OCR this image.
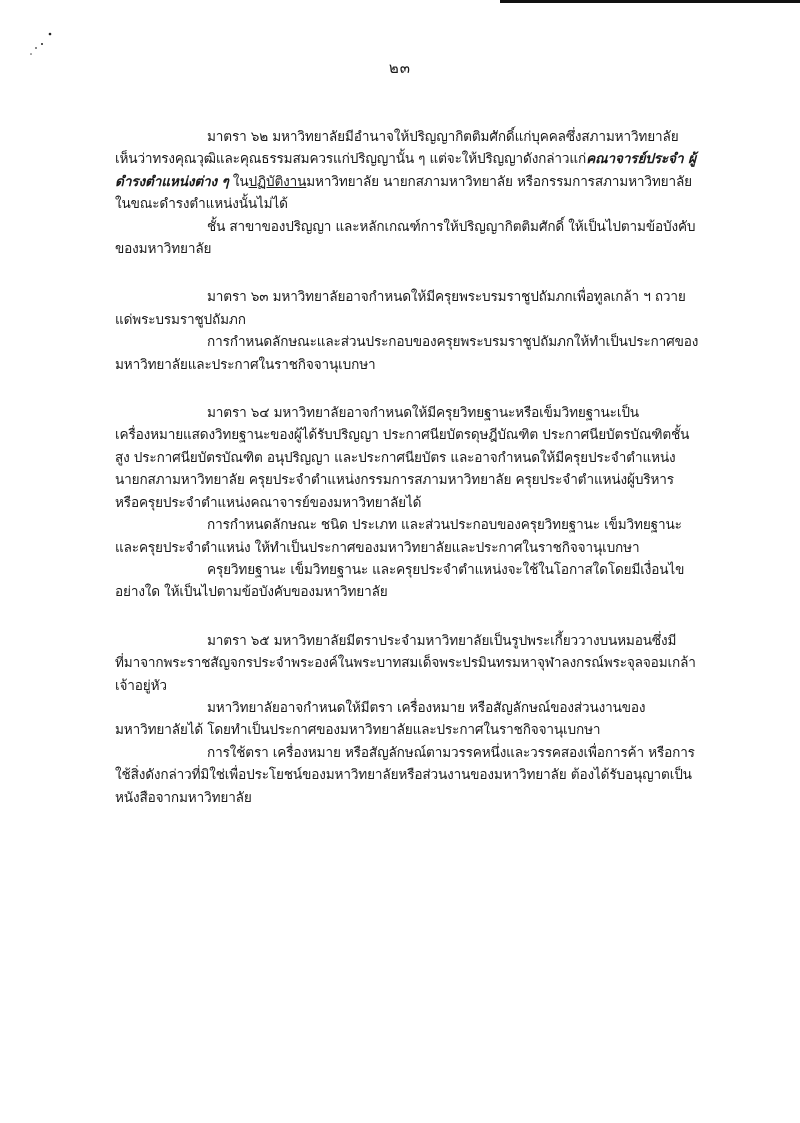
๒๓

มาตรา ๖๒ มหาวิทยาลัยมีอำนาจให้ปริญญากิตติมศักดิ์แก่บุคคลซึ่งสภามหาวิทยาลัยเห็นว่าทรงคุณวุฒิและคุณธรรมสมควรแก่ปริญญานั้น ๆ แต่จะให้ปริญญาดังกล่าวแก่คณาจารย์ประจำ ผู้ดำรงตำแหน่งต่าง ๆ ในปฏิบัติงานมหาวิทยาลัย นายกสภามหาวิทยาลัย หรือกรรมการสภามหาวิทยาลัย ในขณะดำรงตำแหน่งนั้นไม่ได้

ชั้น สาขาของปริญญา และหลักเกณฑ์การให้ปริญญากิตติมศักดิ์ ให้เป็นไปตามข้อบังคับของมหาวิทยาลัย

มาตรา ๖๓ มหาวิทยาลัยอาจกำหนดให้มีครุยพระบรมราชูปถัมภกเพื่อทูลเกล้า ฯ ถวายแด่พระบรมราชูปถัมภก

การกำหนดลักษณะและส่วนประกอบของครุยพระบรมราชูปถัมภกให้ทำเป็นประกาศของมหาวิทยาลัยและประกาศในราชกิจจานุเบกษา

มาตรา ๖๔ มหาวิทยาลัยอาจกำหนดให้มีครุยวิทยฐานะหรือเข็มวิทยฐานะเป็นเครื่องหมายแสดงวิทยฐานะของผู้ได้รับปริญญา ประกาศนียบัตรดุษฎีบัณฑิต ประกาศนียบัตรบัณฑิตชั้นสูง ประกาศนียบัตรบัณฑิต อนุปริญญา และประกาศนียบัตร และอาจกำหนดให้มีครุยประจำตำแหน่งนายกสภามหาวิทยาลัย ครุยประจำตำแหน่งกรรมการสภามหาวิทยาลัย ครุยประจำตำแหน่งผู้บริหาร หรือครุยประจำตำแหน่งคณาจารย์ของมหาวิทยาลัยได้

การกำหนดลักษณะ ชนิด ประเภท และส่วนประกอบของครุยวิทยฐานะ เข็มวิทยฐานะ และครุยประจำตำแหน่ง ให้ทำเป็นประกาศของมหาวิทยาลัยและประกาศในราชกิจจานุเบกษา

ครุยวิทยฐานะ เข็มวิทยฐานะ และครุยประจำตำแหน่งจะใช้ในโอกาสใดโดยมีเงื่อนไขอย่างใด ให้เป็นไปตามข้อบังคับของมหาวิทยาลัย

มาตรา ๖๕ มหาวิทยาลัยมีตราประจำมหาวิทยาลัยเป็นรูปพระเกี้ยววางบนหมอนซึ่งมีที่มาจากพระราชสัญจกรประจำพระองค์ในพระบาทสมเด็จพระปรมินทรมหาจุฬาลงกรณ์พระจุลจอมเกล้าเจ้าอยู่หัว

มหาวิทยาลัยอาจกำหนดให้มีตรา เครื่องหมาย หรือสัญลักษณ์ของส่วนงานของมหาวิทยาลัยได้ โดยทำเป็นประกาศของมหาวิทยาลัยและประกาศในราชกิจจานุเบกษา

การใช้ตรา เครื่องหมาย หรือสัญลักษณ์ตามวรรคหนึ่งและวรรคสองเพื่อการค้า หรือการใช้สิ่งดังกล่าวที่มิใช่เพื่อประโยชน์ของมหาวิทยาลัยหรือส่วนงานของมหาวิทยาลัย ต้องได้รับอนุญาตเป็นหนังสือจากมหาวิทยาลัย
